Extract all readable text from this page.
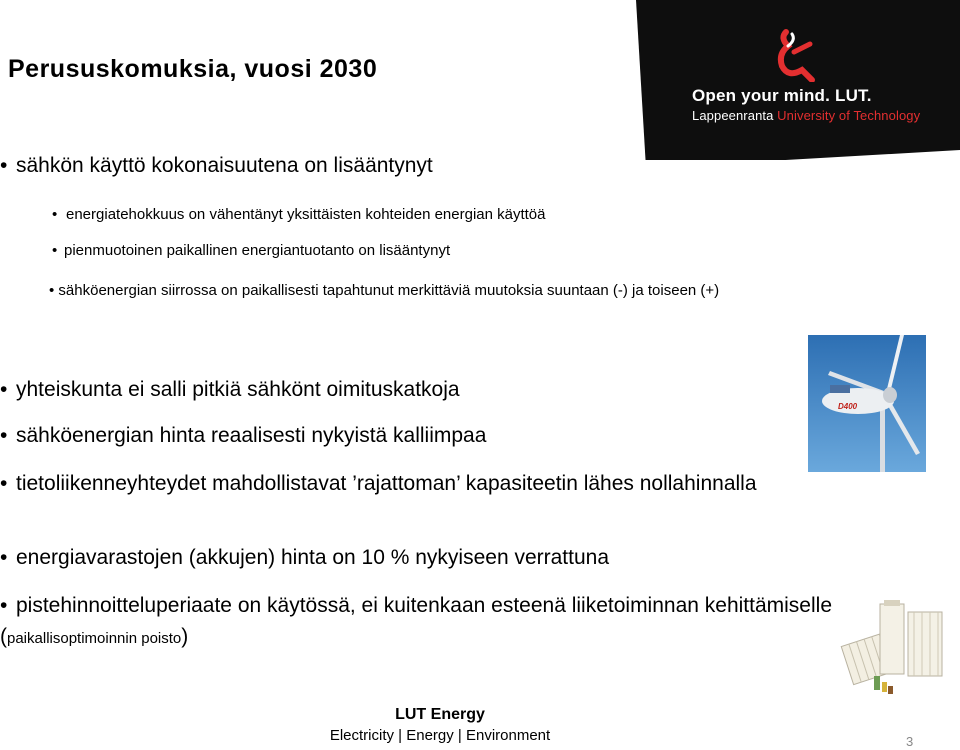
Perususkomuksia, vuosi 2030
Open your mind. LUT.
Lappeenranta University of Technology
• sähkön käyttö kokonaisuutena on lisääntynyt
• energiatehokkuus on vähentänyt yksittäisten kohteiden energian käyttöä
• pienmuotoinen paikallinen energiantuotanto on lisääntynyt
• sähköenergian siirrossa on paikallisesti tapahtunut merkittäviä muutoksia suuntaan (-) ja toiseen (+)
• yhteiskunta ei salli pitkiä sähkönt oimituskatkoja
• sähköenergian hinta reaalisesti nykyistä kalliimpaa
• tietoliikenneyhteydet mahdollistavat ’rajattoman’ kapasiteetin lähes nollahinnalla
• energiavarastojen (akkujen) hinta on 10 % nykyiseen verrattuna
• pistehinnoitteluperiaate on käytössä, ei kuitenkaan esteenä liiketoiminnan kehittämiselle (paikallisoptimoinnin poisto)
D400
LUT Energy
Electricity | Energy | Environment	3
